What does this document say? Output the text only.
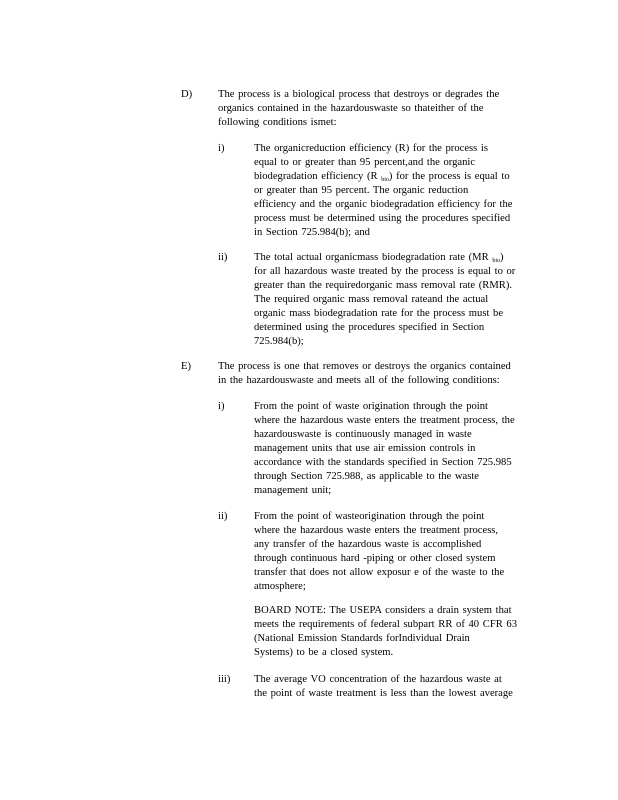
D) The process is a biological process that destroys or degrades the
organics contained in the hazardouswaste so thateither of the
following conditions ismet:
i)	The organicreduction efficiency (R) for the process is
equal to or greater than 95 percent,and the organic
biodegradation efficiency (R $_{bio}$) for the process is equal to
or greater than 95 percent. The organic reduction
efficiency and the organic biodegradation efficiency for the
process must be determined using the procedures specified
in Section 725.984(b); and
ii)	The total actual organicmass biodegradation rate (MR $_{bio}$)
for all hazardous waste treated by the process is equal to or
greater than the requiredorganic mass removal rate (RMR).
The required organic mass removal rateand the actual
organic mass biodegradation rate for the process must be
determined using the procedures specified in Section
725.984(b);
E)	The process is one that removes or destroys the organics contained
in the hazardouswaste and meets all of the following conditions:
i)	From the point of waste origination through the point
where the hazardous waste enters the treatment process, the
hazardouswaste is continuously managed in waste
management units that use air emission controls in
accordance with the standards specified in Section 725.985
through Section 725.988, as applicable to the waste
management unit;
ii)	From the point of wasteorigination through the point
where the hazardous waste enters the treatment process,
any transfer of the hazardous waste is accomplished
through continuous hard -piping or other closed system
transfer that does not allow exposur e of the waste to the
atmosphere;
BOARD NOTE: The USEPA considers a drain system that
meets the requirements of federal subpart RR of 40 CFR 63
(National Emission Standards forIndividual Drain
Systems) to be a closed system.
iii) The average VO concentration of the hazardous waste at
the point of waste treatment is less than the lowest average
